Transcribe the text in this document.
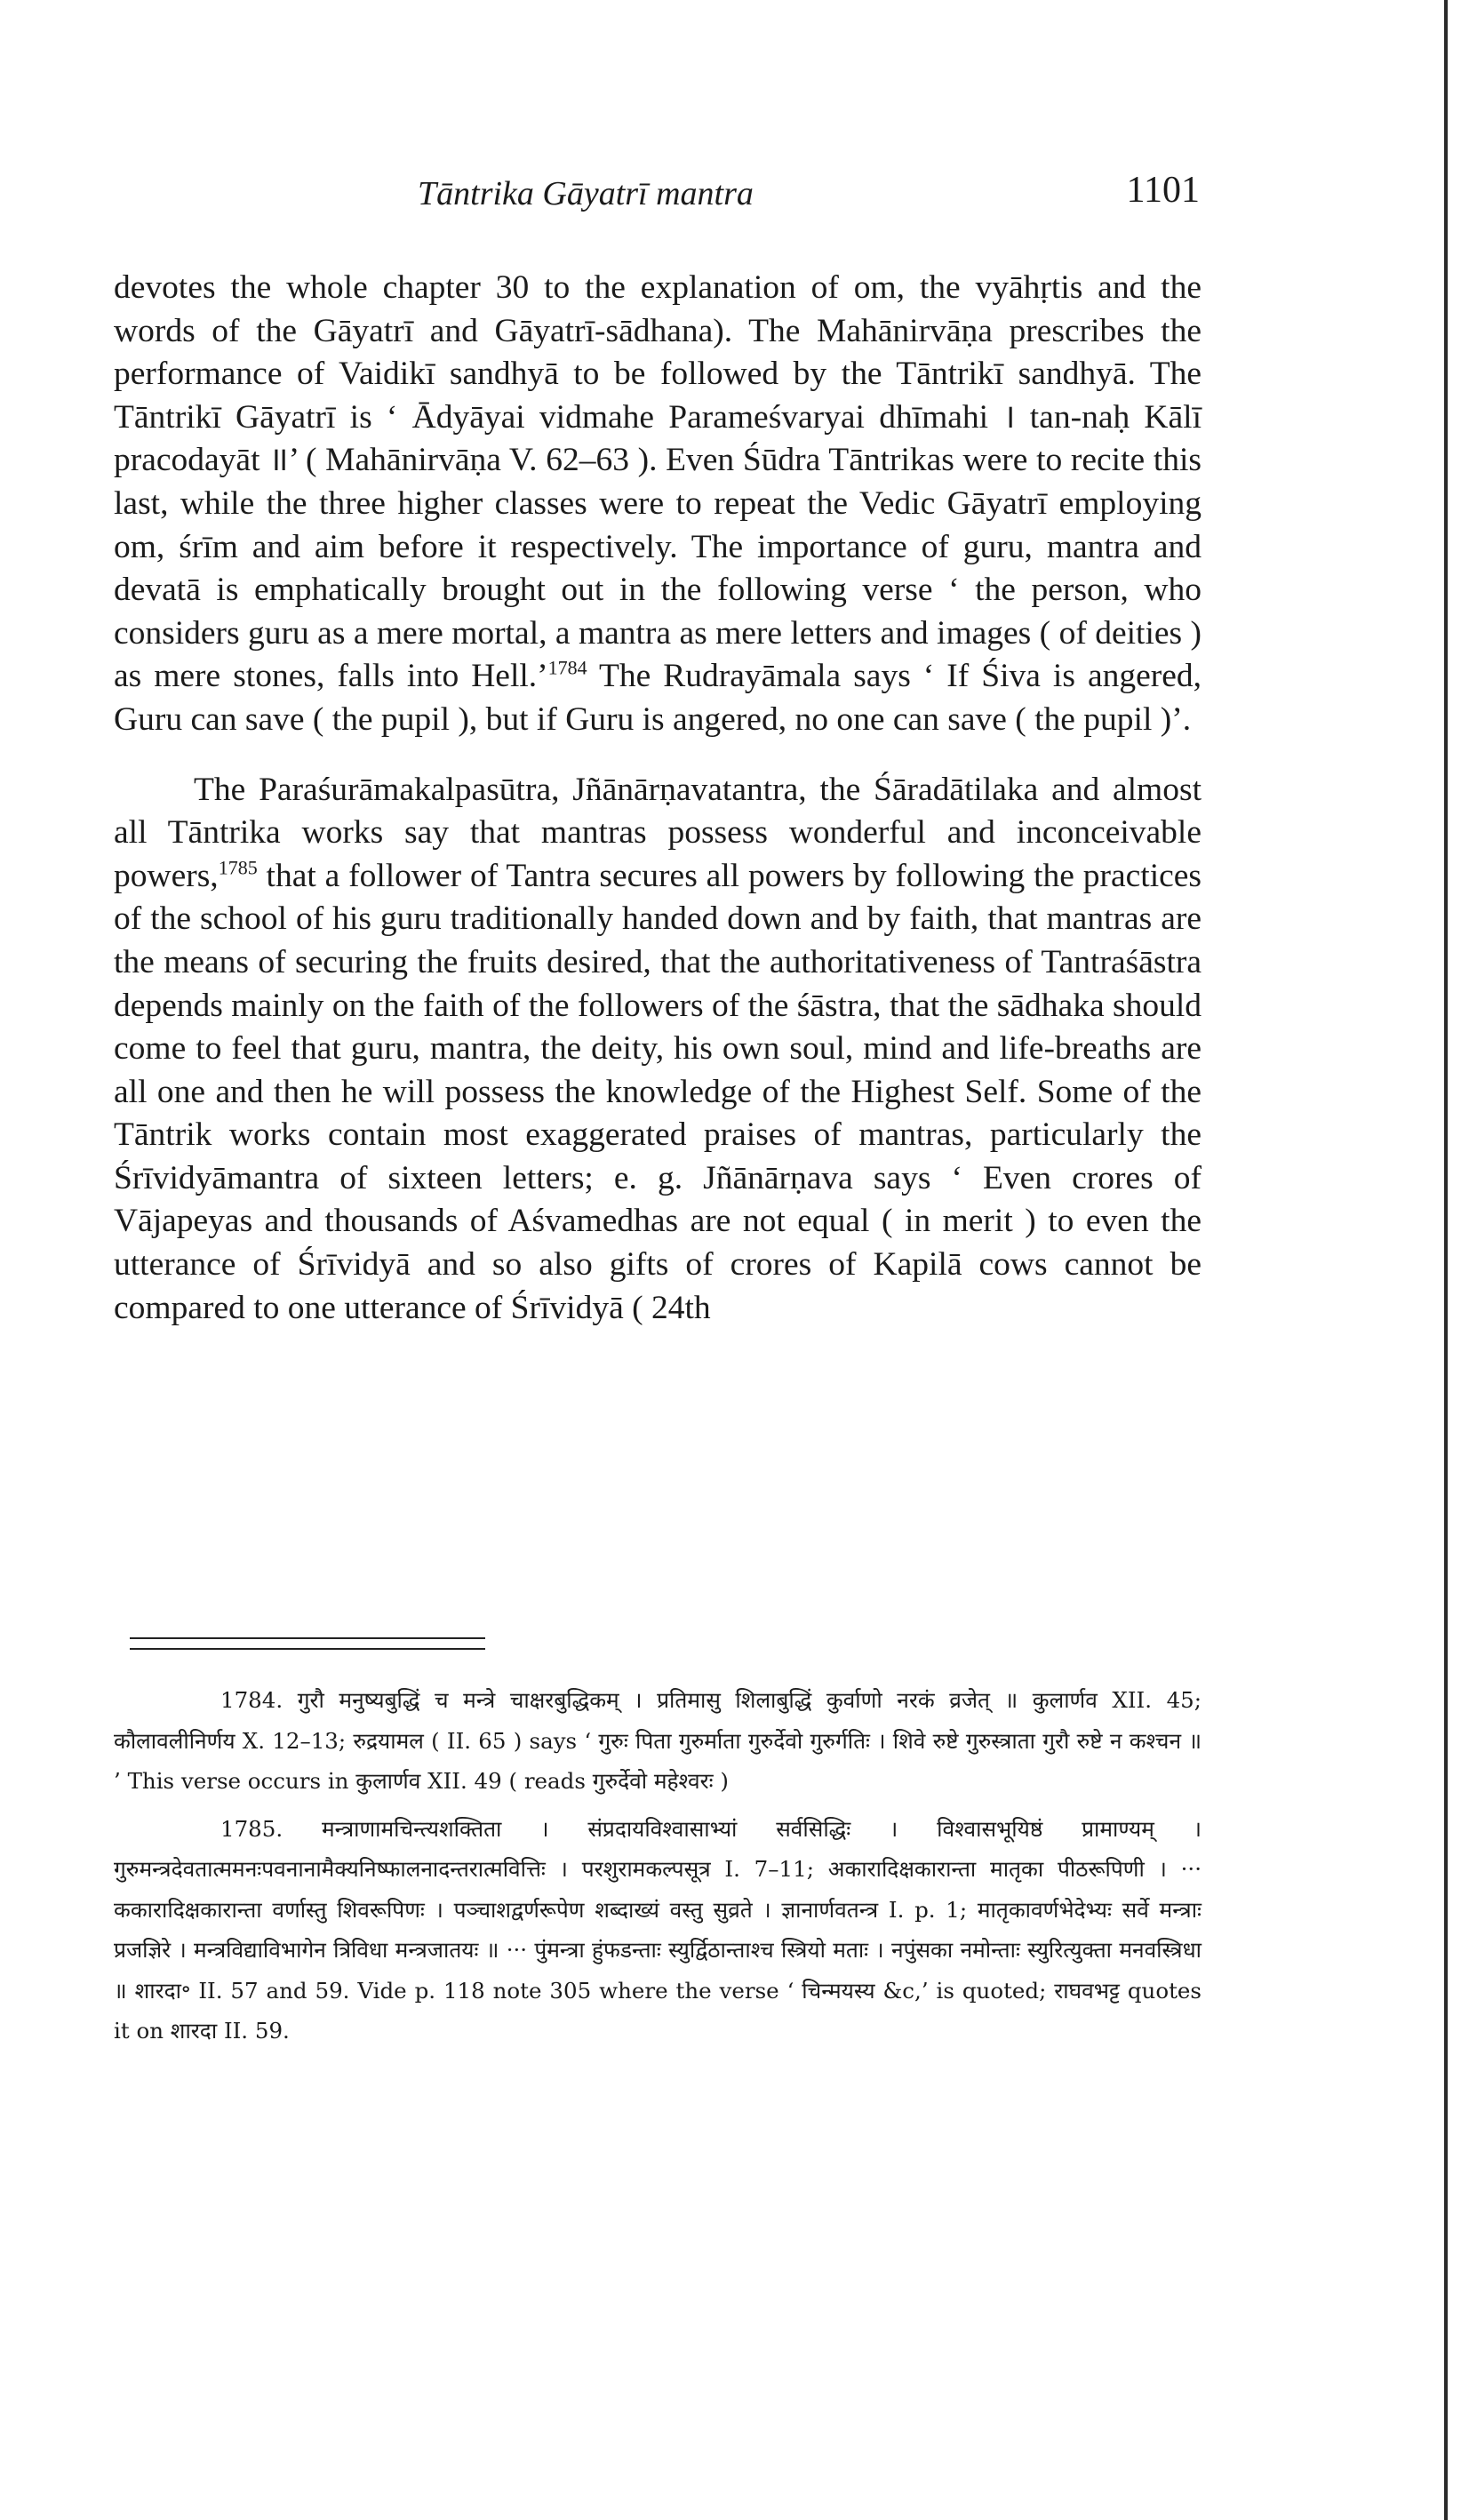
Tāntrika Gāyatrī mantra	1101

devotes the whole chapter 30 to the explanation of om, the vyāhṛtis and the words of the Gāyatrī and Gāyatrī-sādhana). The Mahānirvāṇa prescribes the performance of Vaidikī sandhyā to be followed by the Tāntrikī sandhyā. The Tāntrikī Gāyatrī is ‘ Ādyāyai vidmahe Parameśvaryai dhīmahi । tan-naḥ Kālī pracodayāt ॥’ ( Mahānirvāṇa V. 62–63 ). Even Śūdra Tāntrikas were to recite this last, while the three higher classes were to repeat the Vedic Gāyatrī employing om, śrīm and aim before it respectively. The importance of guru, mantra and devatā is emphatically brought out in the following verse ‘ the person, who considers guru as a mere mortal, a mantra as mere letters and images ( of deities ) as mere stones, falls into Hell.’$^{1784}$ The Rudrayāmala says ‘ If Śiva is angered, Guru can save ( the pupil ), but if Guru is angered, no one can save ( the pupil )’.

The Paraśurāmakalpasūtra, Jñānārṇavatantra, the Śāradātilaka and almost all Tāntrika works say that mantras possess wonderful and inconceivable powers,$^{1785}$ that a follower of Tantra secures all powers by following the practices of the school of his guru traditionally handed down and by faith, that mantras are the means of securing the fruits desired, that the authoritativeness of Tantraśāstra depends mainly on the faith of the followers of the śāstra, that the sādhaka should come to feel that guru, mantra, the deity, his own soul, mind and life-breaths are all one and then he will possess the knowledge of the Highest Self. Some of the Tāntrik works contain most exaggerated praises of mantras, particularly the Śrīvidyāmantra of sixteen letters; e. g. Jñānārṇava says ‘ Even crores of Vājapeyas and thousands of Aśvamedhas are not equal ( in merit ) to even the utterance of Śrīvidyā and so also gifts of crores of Kapilā cows cannot be compared to one utterance of Śrīvidyā ( 24th

1784. गुरौ मनुष्यबुद्धिं च मन्त्रे चाक्षरबुद्धिकम् । प्रतिमासु शिलाबुद्धिं कुर्वाणो नरकं व्रजेत् ॥ कुलार्णव XII. 45; कौलावलीनिर्णय X. 12–13; रुद्रयामल ( II. 65 ) says ‘ गुरुः पिता गुरुर्माता गुरुर्देवो गुरुर्गतिः । शिवे रुष्टे गुरुस्त्राता गुरौ रुष्टे न कश्चन ॥ ’ This verse occurs in कुलार्णव XII. 49 ( reads गुरुर्देवो महेश्वरः )

1785. मन्त्राणामचिन्त्यशक्तिता । संप्रदायविश्वासाभ्यां सर्वसिद्धिः । विश्वासभूयिष्ठं प्रामाण्यम् । गुरुमन्त्रदेवतात्ममनःपवनानामैक्यनिष्फालनादन्तरात्मवित्तिः । परशुरामकल्पसूत्र I. 7–11; अकारादिक्षकारान्ता मातृका पीठरूपिणी । ··· ककारादिक्षकारान्ता वर्णास्तु शिवरूपिणः । पञ्चाशद्वर्णरूपेण शब्दाख्यं वस्तु सुव्रते । ज्ञानार्णवतन्त्र I. p. 1; मातृकावर्णभेदेभ्यः सर्वे मन्त्राः प्रजज्ञिरे । मन्त्रविद्याविभागेन त्रिविधा मन्त्रजातयः ॥ ··· पुंमन्त्रा हुंफडन्ताः स्युर्द्विठान्ताश्च स्त्रियो मताः । नपुंसका नमोन्ताः स्युरित्युक्ता मनवस्त्रिधा ॥ शारदा॰ II. 57 and 59. Vide p. 118 note 305 where the verse ‘ चिन्मयस्य &c,’ is quoted; राघवभट्ट quotes it on शारदा II. 59.
